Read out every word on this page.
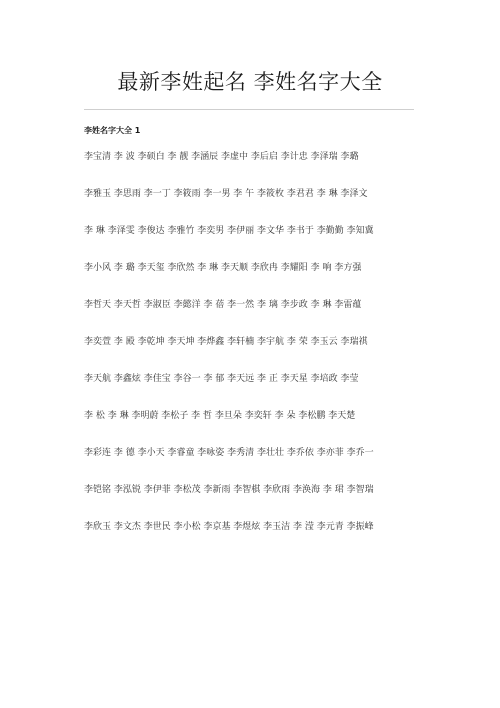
最新李姓起名 李姓名字大全
李姓名字大全 1
李宝清 李 波 李硕白 李 靓 李涵辰 李虚中 李后启 李计忠 李泽瑞 李璐
李雅玉 李思雨 李一丁 李筱雨 李一男 李 午 李筱枚 李君君 李 琳 李泽文
李 琳 李泽雯 李俊达 李雅竹 李奕男 李伊丽 李文华 李书于 李勤勤 李知冀
李小风 李 璐 李天玺 李欣然 李 琳 李天顺 李欣冉 李耀阳 李 响 李方强
李哲天 李天哲 李淑臣 李懿洋 李 蓓 李一然 李 璃 李步政 李 琳 李雷蕴
李奕萱 李 殿 李乾坤 李天坤 李烨鑫 李轩楠 李宇航 李 荣 李玉云 李瑞祺
李天航 李鑫炫 李佳宝 李谷一 李 郁 李天远 李 正 李天星 李培政 李莹
李 松 李 琳 李明蔚 李松子 李 哲 李旦朵 李奕轩 李 朵 李松鹏 李天楚
李彩连 李 德 李小天 李睿童 李咏姿 李秀清 李壮壮 李乔依 李亦菲 李乔一
李铠铭 李泓锐 李伊菲 李松茂 李新雨 李智棋 李欣雨 李涣海 李 珺 李智瑞
李欣玉 李文杰 李世民 李小松 李京基 李煜炫 李玉洁 李 滢 李元青 李振峰
